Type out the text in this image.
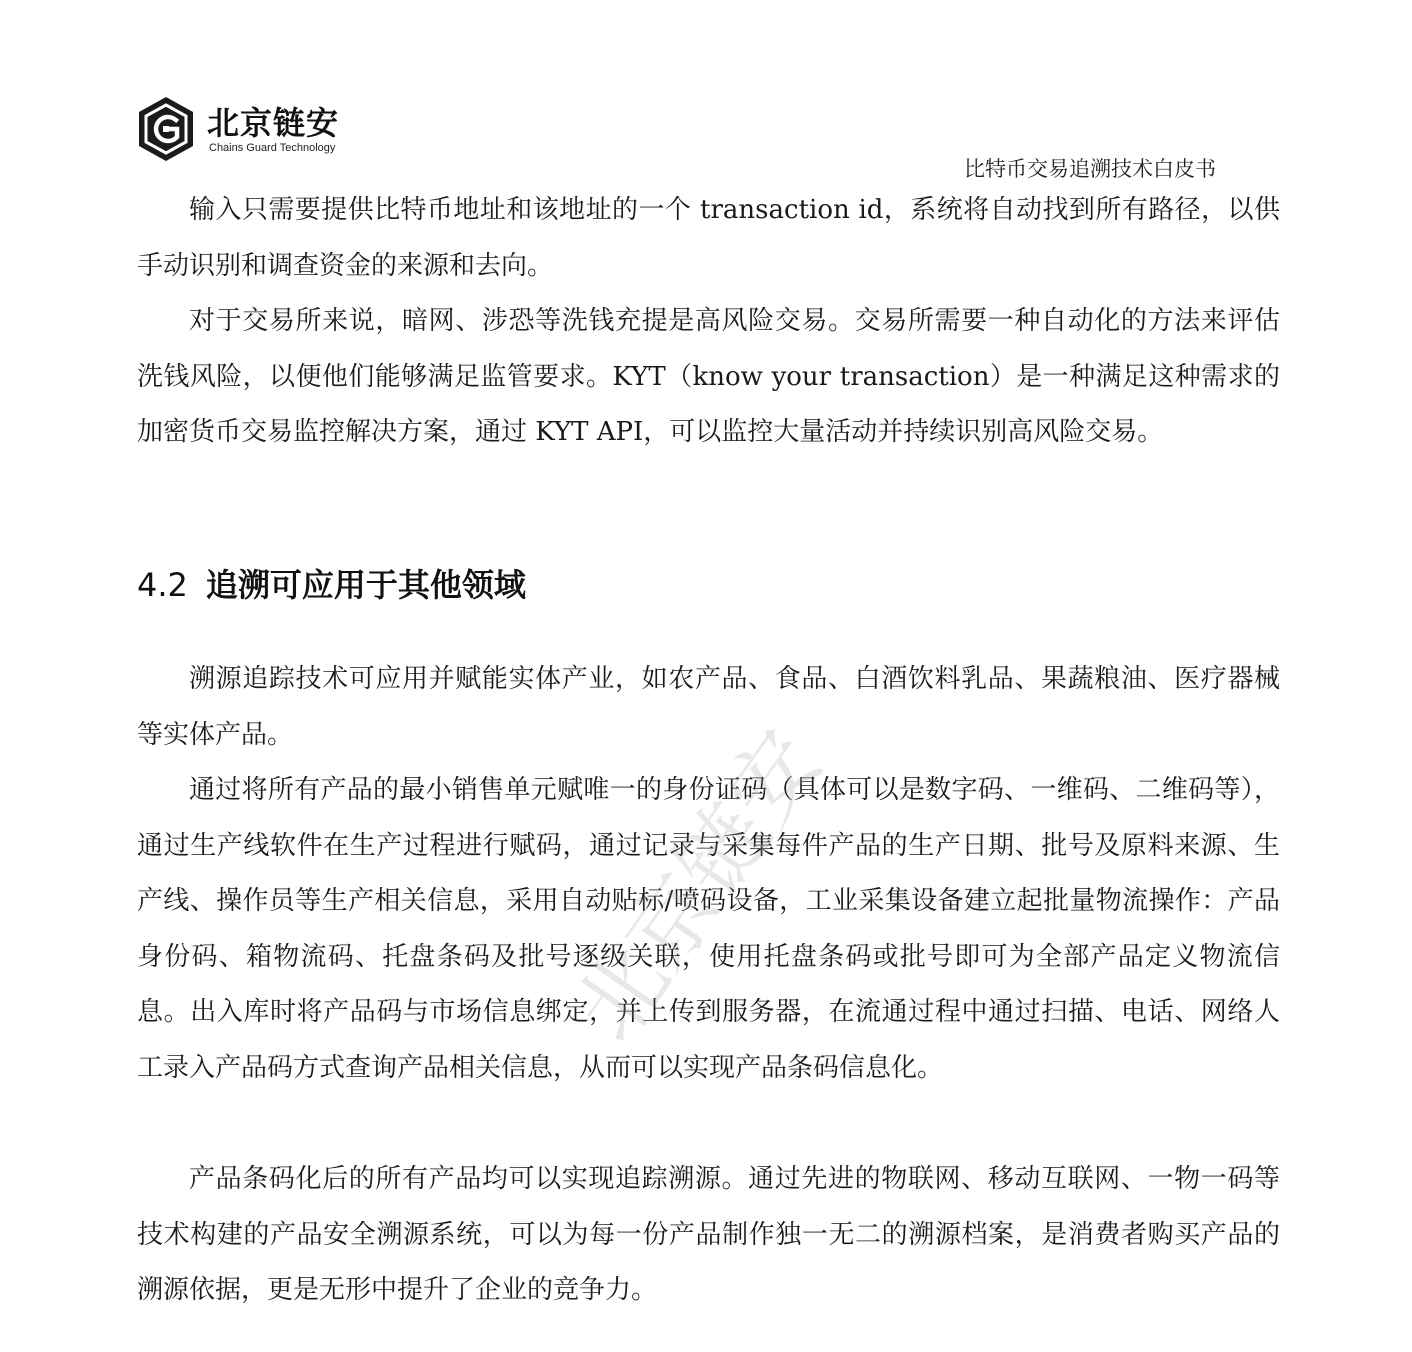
北京链安
Chains Guard Technology
比特币交易追溯技术白皮书

输入只需要提供比特币地址和该地址的一个 transaction id，系统将自动找到所有路径，以供手动识别和调查资金的来源和去向。

对于交易所来说，暗网、涉恐等洗钱充提是高风险交易。交易所需要一种自动化的方法来评估洗钱风险，以便他们能够满足监管要求。KYT（know your transaction）是一种满足这种需求的加密货币交易监控解决方案，通过 KYT API，可以监控大量活动并持续识别高风险交易。

4.2 追溯可应用于其他领域

溯源追踪技术可应用并赋能实体产业，如农产品、食品、白酒饮料乳品、果蔬粮油、医疗器械等实体产品。

通过将所有产品的最小销售单元赋唯一的身份证码（具体可以是数字码、一维码、二维码等），通过生产线软件在生产过程进行赋码，通过记录与采集每件产品的生产日期、批号及原料来源、生产线、操作员等生产相关信息，采用自动贴标/喷码设备，工业采集设备建立起批量物流操作：产品身份码、箱物流码、托盘条码及批号逐级关联，使用托盘条码或批号即可为全部产品定义物流信息。出入库时将产品码与市场信息绑定，并上传到服务器，在流通过程中通过扫描、电话、网络人工录入产品码方式查询产品相关信息，从而可以实现产品条码信息化。

产品条码化后的所有产品均可以实现追踪溯源。通过先进的物联网、移动互联网、一物一码等技术构建的产品安全溯源系统，可以为每一份产品制作独一无二的溯源档案，是消费者购买产品的溯源依据，更是无形中提升了企业的竞争力。

北京链安
